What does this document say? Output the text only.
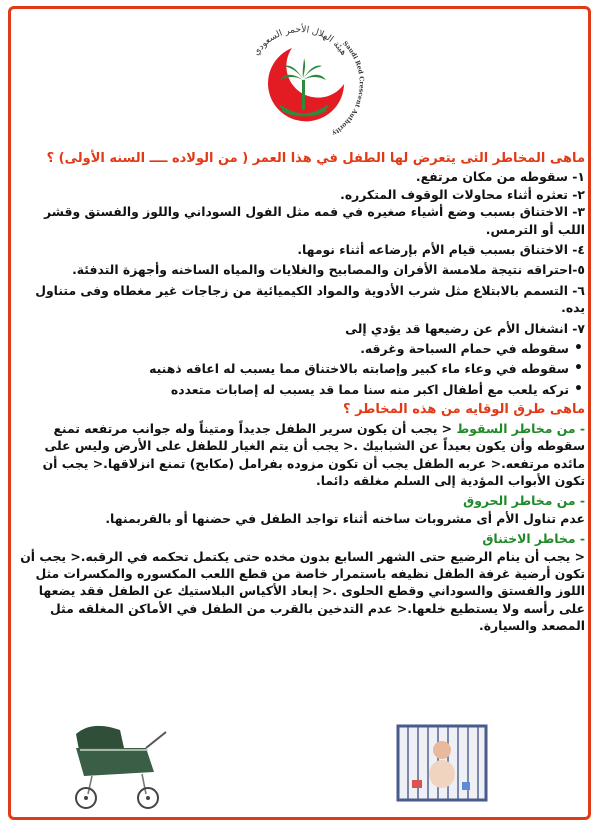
هيئة الهلال الأحمر السعودي
Saudi Red Crescent Authority

ماهى المخاطر التى يتعرض لها الطفل في هذا العمر ( من الولاده ــــ السنه الأولى) ؟

١- سقوطه من مكان مرتفع.

٢- تعثره أثناء محاولات الوقوف المتكرره.

٣- الاختناق بسبب وضع أشياء صغيره في فمه مثل الفول السوداني واللوز والفستق وقشر اللب أو الترمس.

٤- الاختناق بسبب قيام الأم بإرضاعه أثناء نومها.

٥-احتراقه نتيجة ملامسة الأفران والمصابيح والغلايات والمياه الساخنه وأجهزة التدفئة.

٦- التسمم بالابتلاع مثل شرب الأدوية والمواد الكيميائية من زجاجات غير مغطاه وفى متناول يده.

٧- انشغال الأم عن رضيعها قد يؤدي إلى

• سقوطه في حمام السباحة وغرقه.

• سقوطه في وعاء ماء كبير وإصابته بالاختناق مما يسبب له اعاقه ذهنيه

• تركه يلعب مع أطفال اكبر منه سنا مما قد يسبب له إصابات متعدده

ماهى طرق الوقايه من هذه المخاطر ؟

- من مخاطر السقوط < يجب أن يكون سرير الطفل جديداً ومتيناً وله جوانب مرتفعه تمنع سقوطه وأن يكون بعيداً عن الشبابيك .< يجب أن يتم الغيار للطفل على الأرض وليس على مائده مرتفعه.< عربه الطفل يجب أن تكون مزوده بفرامل (مكابح) تمنع انزلاقها.< يجب أن تكون الأبواب المؤدية إلى السلم مغلقه دائما.

- من مخاطر الحروق

عدم تناول الأم أى مشروبات ساخنه أثناء تواجد الطفل في حضنها أو بالقربمنها.

- مخاطر الاختناق

< يجب أن ينام الرضيع حتى الشهر السابع بدون مخده حتى يكتمل تحكمه في الرقبه.< يجب أن تكون أرضية غرفة الطفل نظيفه باستمرار خاصة من قطع اللعب المكسوره والمكسرات مثل اللوز والفستق والسوداني وقطع الحلوى .< إبعاد الأكياس البلاستيك عن الطفل فقد يضعها على رأسه ولا يستطيع خلعها.< عدم التدخين بالقرب من الطفل في الأماكن المغلقه مثل المصعد والسيارة.
